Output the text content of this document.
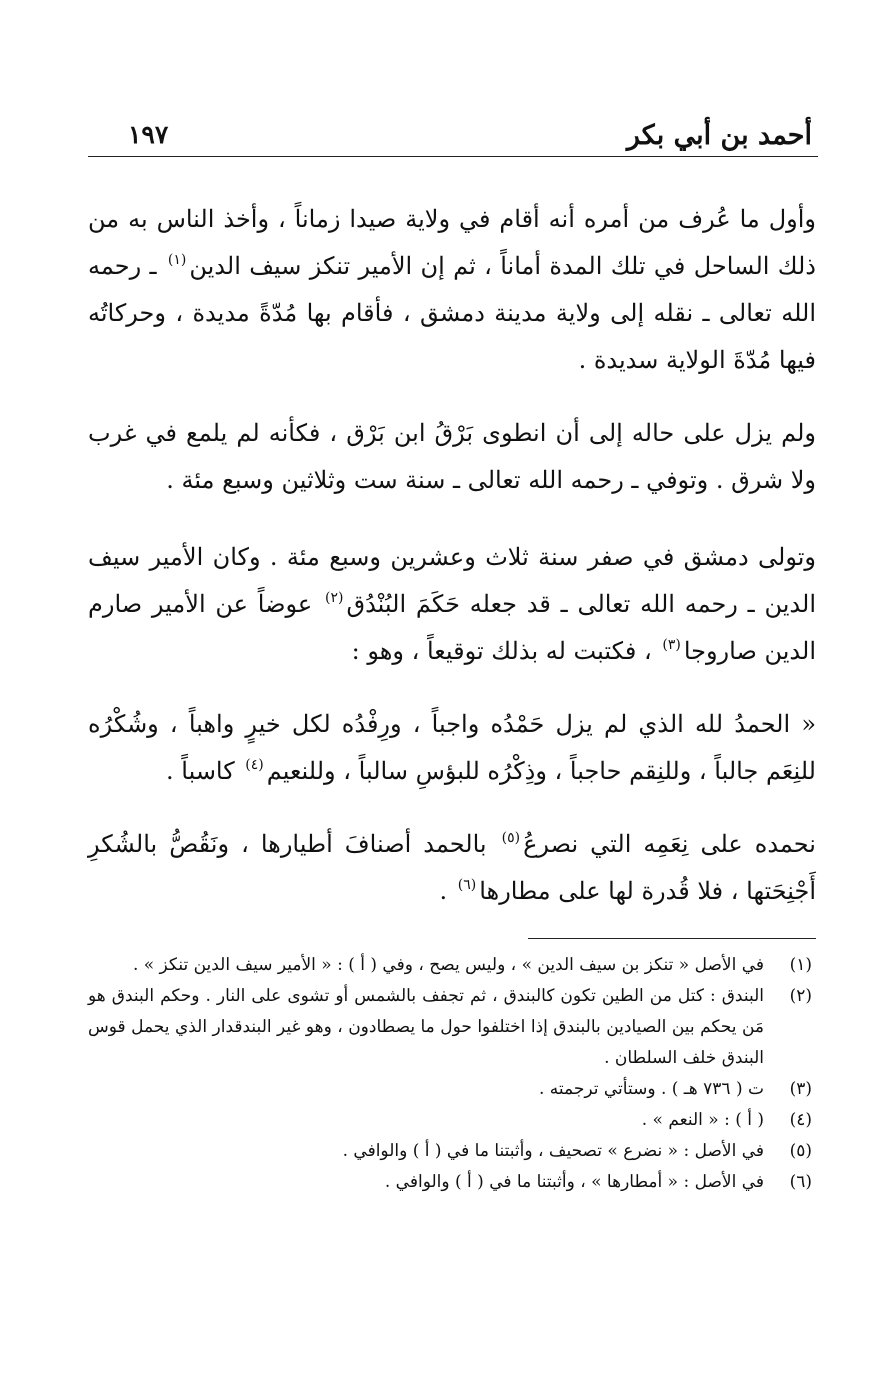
أحمد بن أبي بكر
١٩٧

وأول ما عُرف من أمره أنه أقام في ولاية صيدا زماناً ، وأخذ الناس به من ذلك الساحل في تلك المدة أماناً ، ثم إن الأمير تنكز سيف الدين$^{(١)}$ ـ رحمه الله تعالى ـ نقله إلى ولاية مدينة دمشق ، فأقام بها مُدّةً مديدة ، وحركاتُه فيها مُدّةَ الولاية سديدة .

ولم يزل على حاله إلى أن انطوى بَرْقُ ابن بَرْق ، فكأنه لم يلمع في غرب ولا شرق . وتوفي ـ رحمه الله تعالى ـ سنة ست وثلاثين وسبع مئة .

وتولى دمشق في صفر سنة ثلاث وعشرين وسبع مئة . وكان الأمير سيف الدين ـ رحمه الله تعالى ـ قد جعله حَكَمَ البُنْدُق$^{(٢)}$ عوضاً عن الأمير صارم الدين صاروجا$^{(٣)}$ ، فكتبت له بذلك توقيعاً ، وهو :

« الحمدُ لله الذي لم يزل حَمْدُه واجباً ، ورِفْدُه لكل خيرٍ واهباً ، وشُكْرُه للنِعَم جالباً ، وللنِقم حاجباً ، وذِكْرُه للبؤسِ سالباً ، وللنعيم$^{(٤)}$ كاسباً .

نحمده على نِعَمِه التي نصرعُ$^{(٥)}$ بالحمد أصنافَ أطيارها ، ونَقُصُّ بالشُكرِ أَجْنِحَتها ، فلا قُدرة لها على مطارها$^{(٦)}$ .

(١)
في الأصل « تنكز بن سيف الدين » ، وليس يصح ، وفي ( أ ) : « الأمير سيف الدين تنكز » .
(٢)
البندق : كتل من الطين تكون كالبندق ، ثم تجفف بالشمس أو تشوى على النار . وحكم البندق هو مَن يحكم بين الصيادين بالبندق إذا اختلفوا حول ما يصطادون ، وهو غير البندقدار الذي يحمل قوس البندق خلف السلطان .
(٣)
ت ( ٧٣٦ هـ ) . وستأتي ترجمته .
(٤)
( أ ) : « النعم » .
(٥)
في الأصل : « نضرع » تصحيف ، وأثبتنا ما في ( أ ) والوافي .
(٦)
في الأصل : « أمطارها » ، وأثبتنا ما في ( أ ) والوافي .
